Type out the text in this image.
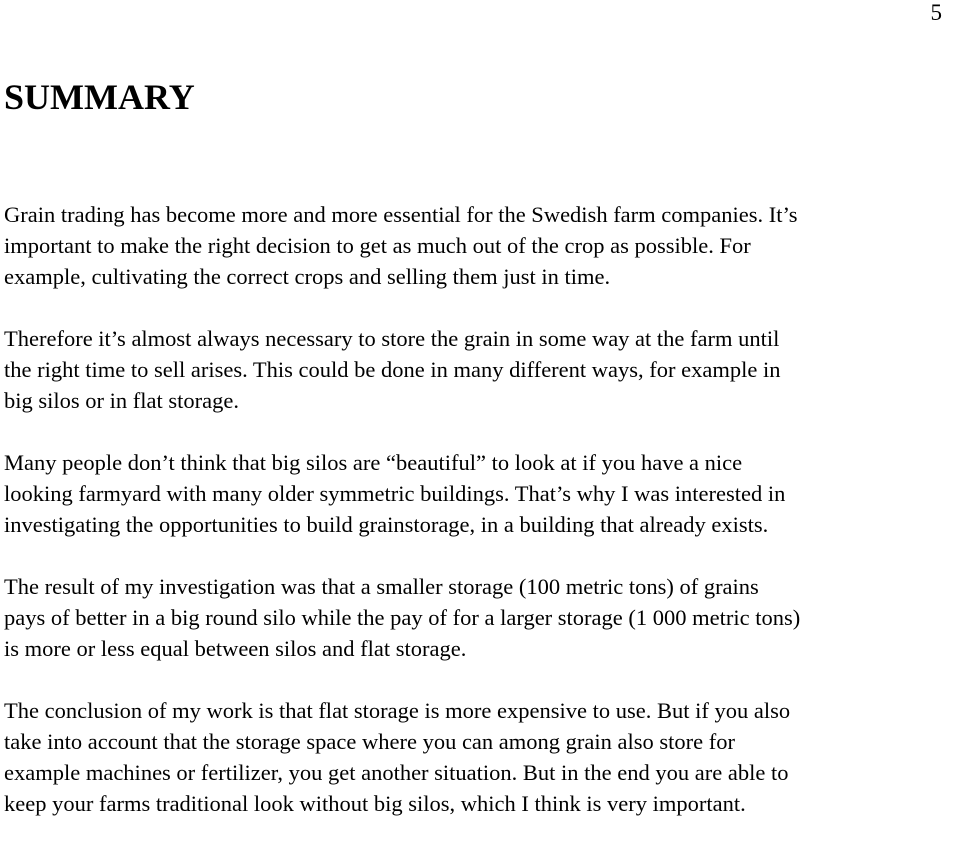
5
SUMMARY

Grain trading has become more and more essential for the Swedish farm companies. It’s
important to make the right decision to get as much out of the crop as possible. For
example, cultivating the correct crops and selling them just in time.

Therefore it’s almost always necessary to store the grain in some way at the farm until
the right time to sell arises. This could be done in many different ways, for example in
big silos or in flat storage.

Many people don’t think that big silos are “beautiful” to look at if you have a nice
looking farmyard with many older symmetric buildings. That’s why I was interested in
investigating the opportunities to build grainstorage, in a building that already exists.

The result of my investigation was that a smaller storage (100 metric tons) of grains
pays of better in a big round silo while the pay of for a larger storage (1 000 metric tons)
is more or less equal between silos and flat storage.

The conclusion of my work is that flat storage is more expensive to use. But if you also
take into account that the storage space where you can among grain also store for
example machines or fertilizer, you get another situation. But in the end you are able to
keep your farms traditional look without big silos, which I think is very important.
